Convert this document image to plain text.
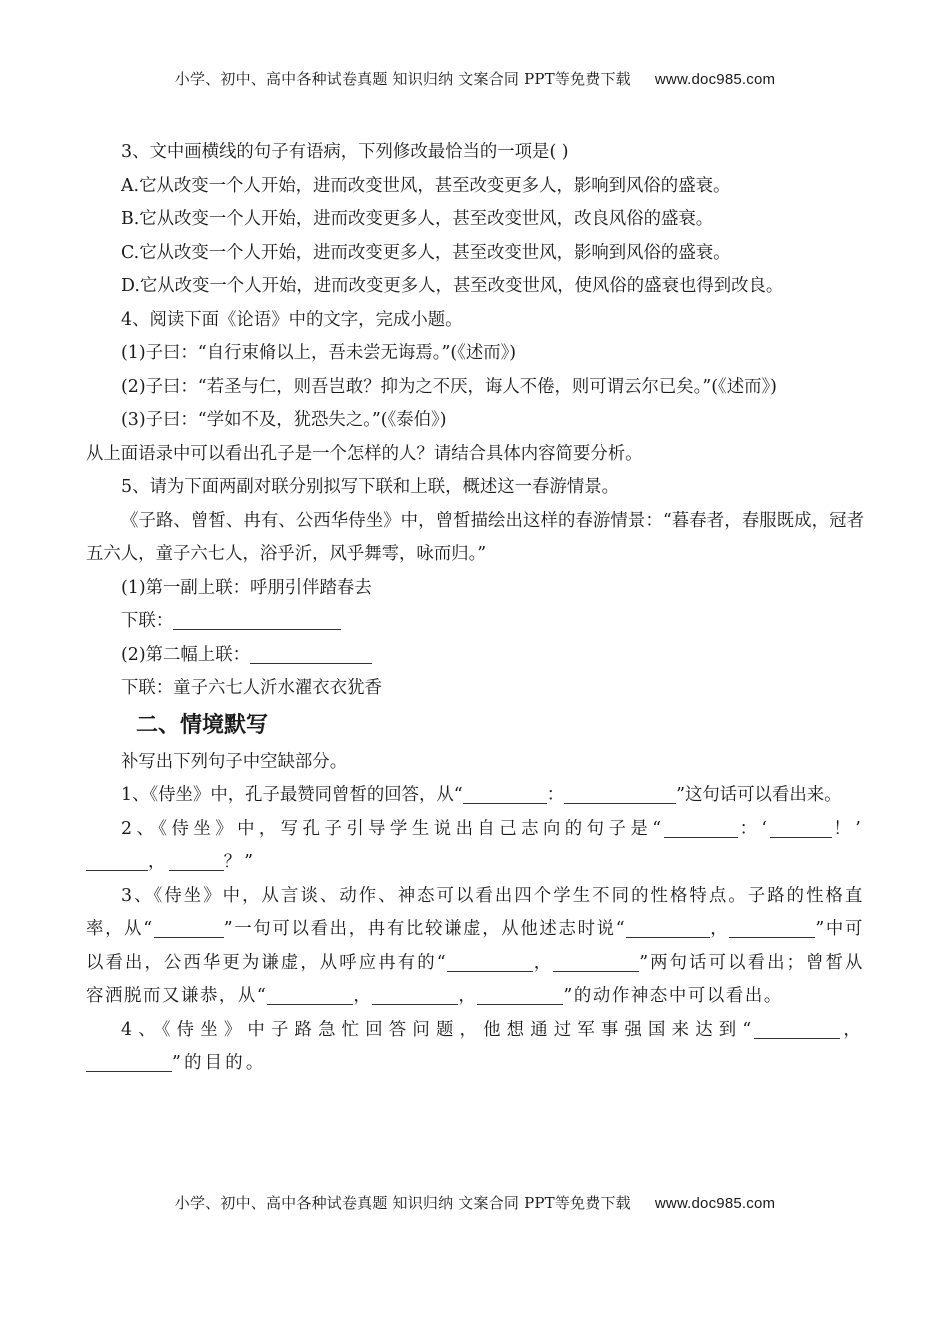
小学、初中、高中各种试卷真题 知识归纳 文案合同 PPT等免费下载 www.doc985.com

3、文中画横线的句子有语病，下列修改最恰当的一项是( )

A.它从改变一个人开始，进而改变世风，甚至改变更多人，影响到风俗的盛衰。

B.它从改变一个人开始，进而改变更多人，甚至改变世风，改良风俗的盛衰。

C.它从改变一个人开始，进而改变更多人，甚至改变世风，影响到风俗的盛衰。

D.它从改变一个人开始，进而改变更多人，甚至改变世风，使风俗的盛衰也得到改良。

4、阅读下面《论语》中的文字，完成小题。

(1)子曰：“自行束脩以上，吾未尝无诲焉。”(《述而》)

(2)子曰：“若圣与仁，则吾岂敢？抑为之不厌，诲人不倦，则可谓云尔已矣。”(《述而》)

(3)子曰：“学如不及，犹恐失之。”(《泰伯》)

从上面语录中可以看出孔子是一个怎样的人？请结合具体内容简要分析。

5、请为下面两副对联分别拟写下联和上联，概述这一春游情景。

《子路、曾皙、冉有、公西华侍坐》中，曾皙描绘出这样的春游情景：“暮春者，春服既成，冠者五六人，童子六七人，浴乎沂，风乎舞雩，咏而归。”

(1)第一副上联：呼朋引伴踏春去

下联：

(2)第二幅上联：

下联：童子六七人沂水濯衣衣犹香

二、情境默写

补写出下列句子中空缺部分。

1、《侍坐》中，孔子最赞同曾皙的回答，从“	：	”这句话可以看出来。

2、《侍坐》中，写孔子引导学生说出自己志向的句子是“	：‘	！’，	？”

3、《侍坐》中，从言谈、动作、神态可以看出四个学生不同的性格特点。子路的性格直率，从“	”一句可以看出，冉有比较谦虚，从他述志时说“	，	”中可以看出，公西华更为谦虚，从呼应冉有的“	，	”两句话可以看出；曾皙从容洒脱而又谦恭，从“	，	，	”的动作神态中可以看出。

4、《侍坐》中子路急忙回答问题，他想通过军事强国来达到“	，”的目的。

小学、初中、高中各种试卷真题 知识归纳 文案合同 PPT等免费下载 www.doc985.com
